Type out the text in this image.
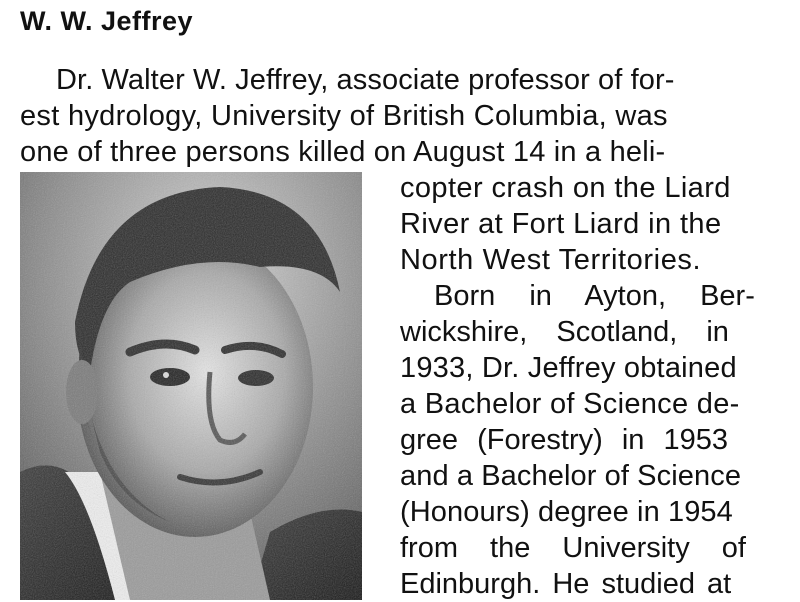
W. W. Jeffrey

Dr. Walter W. Jeffrey, associate professor of for-

est hydrology, University of British Columbia, was

one of three persons killed on August 14 in a heli-

copter crash on the Liard

River at Fort Liard in the

North West Territories.

Born in Ayton, Ber-

wickshire, Scotland, in

1933, Dr. Jeffrey obtained

a Bachelor of Science de-

gree (Forestry) in 1953

and a Bachelor of Science

(Honours) degree in 1954

from the University of

Edinburgh. He studied at
